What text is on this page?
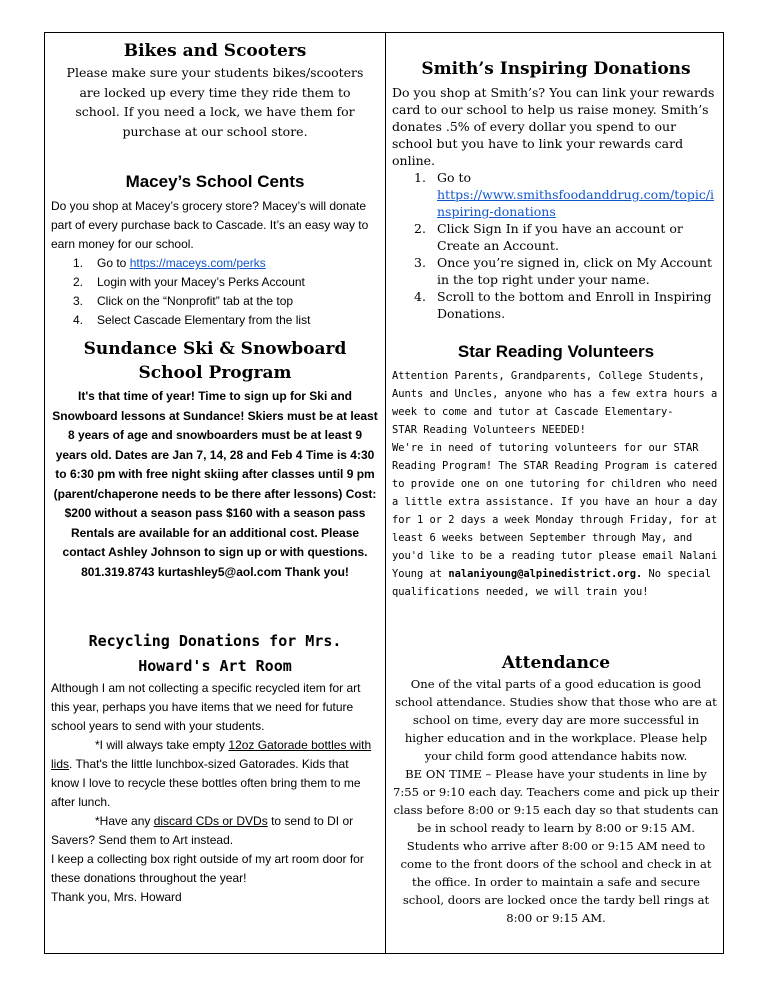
Bikes and Scooters

Please make sure your students bikes/scooters are locked up every time they ride them to school. If you need a lock, we have them for purchase at our school store.

Macey’s School Cents

Do you shop at Macey’s grocery store? Macey’s will donate part of every purchase back to Cascade. It’s an easy way to earn money for our school.

1. Go to https://maceys.com/perks
2. Login with your Macey’s Perks Account
3. Click on the “Nonprofit” tab at the top
4. Select Cascade Elementary from the list
Sundance Ski & Snowboard
School Program

It's that time of year! Time to sign up for Ski and Snowboard lessons at Sundance! Skiers must be at least 8 years of age and snowboarders must be at least 9 years old. Dates are Jan 7, 14, 28 and Feb 4 Time is 4:30 to 6:30 pm with free night skiing after classes until 9 pm (parent/chaperone needs to be there after lessons) Cost: $200 without a season pass $160 with a season pass Rentals are available for an additional cost. Please contact Ashley Johnson to sign up or with questions. 801.319.8743 kurtashley5@aol.com Thank you!

Recycling Donations for Mrs.
Howard's Art Room

Although I am not collecting a specific recycled item for art this year, perhaps you have items that we need for future school years to send with your students.

*I will always take empty 12oz Gatorade bottles with lids. That's the little lunchbox-sized Gatorades. Kids that know I love to recycle these bottles often bring them to me after lunch.

*Have any discard CDs or DVDs to send to DI or Savers? Send them to Art instead.

I keep a collecting box right outside of my art room door for these donations throughout the year!

Thank you, Mrs. Howard

Smith’s Inspiring Donations

Do you shop at Smith’s? You can link your rewards card to our school to help us raise money. Smith’s donates .5% of every dollar you spend to our school but you have to link your rewards card online.

1. Go to
https://www.smithsfoodanddrug.com/topic/inspiring-donations
2. Click Sign In if you have an account or Create an Account.
3. Once you’re signed in, click on My Account in the top right under your name.
4. Scroll to the bottom and Enroll in Inspiring Donations.
Star Reading Volunteers

Attention Parents, Grandparents, College Students, Aunts and Uncles, anyone who has a few extra hours a week to come and tutor at Cascade Elementary-

STAR Reading Volunteers NEEDED!

We're in need of tutoring volunteers for our STAR Reading Program! The STAR Reading Program is catered to provide one on one tutoring for children who need a little extra assistance. If you have an hour a day for 1 or 2 days a week Monday through Friday, for at least 6 weeks between September through May, and you'd like to be a reading tutor please email Nalani Young at nalaniyoung@alpinedistrict.org. No special qualifications needed, we will train you!

Attendance

One of the vital parts of a good education is good school attendance. Studies show that those who are at school on time, every day are more successful in higher education and in the workplace. Please help your child form good attendance habits now.

BE ON TIME – Please have your students in line by 7:55 or 9:10 each day. Teachers come and pick up their class before 8:00 or 9:15 each day so that students can be in school ready to learn by 8:00 or 9:15 AM.

Students who arrive after 8:00 or 9:15 AM need to come to the front doors of the school and check in at the office. In order to maintain a safe and secure school, doors are locked once the tardy bell rings at 8:00 or 9:15 AM.
